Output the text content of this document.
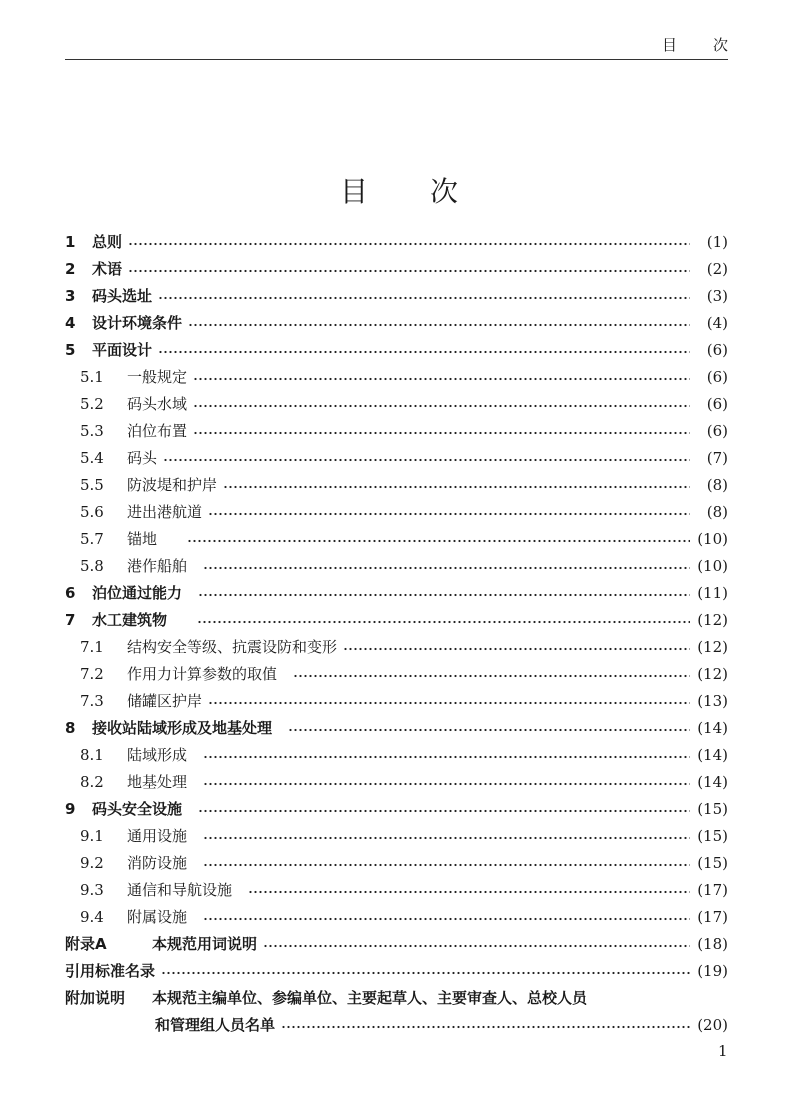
目次
目次
1	总则	(1)
2	术语	(2)
3	码头选址	(3)
4	设计环境条件	(4)
5	平面设计	(6)
5.1	一般规定	(6)
5.2	码头水域	(6)
5.3	泊位布置	(6)
5.4	码头	(7)
5.5	防波堤和护岸	(8)
5.6	进出港航道	(8)
5.7	锚地	(10)
5.8	港作船舶	(10)
6	泊位通过能力	(11)
7	水工建筑物	(12)
7.1	结构安全等级、抗震设防和变形	(12)
7.2	作用力计算参数的取值	(12)
7.3	储罐区护岸	(13)
8	接收站陆域形成及地基处理	(14)
8.1	陆域形成	(14)
8.2	地基处理	(14)
9	码头安全设施	(15)
9.1	通用设施	(15)
9.2	消防设施	(15)
9.3	通信和导航设施	(17)
9.4	附属设施	(17)
附录A	本规范用词说明	(18)
引用标准名录	(19)
附加说明	本规范主编单位、参编单位、主要起草人、主要审查人、总校人员
和管理组人员名单	(20)
1
